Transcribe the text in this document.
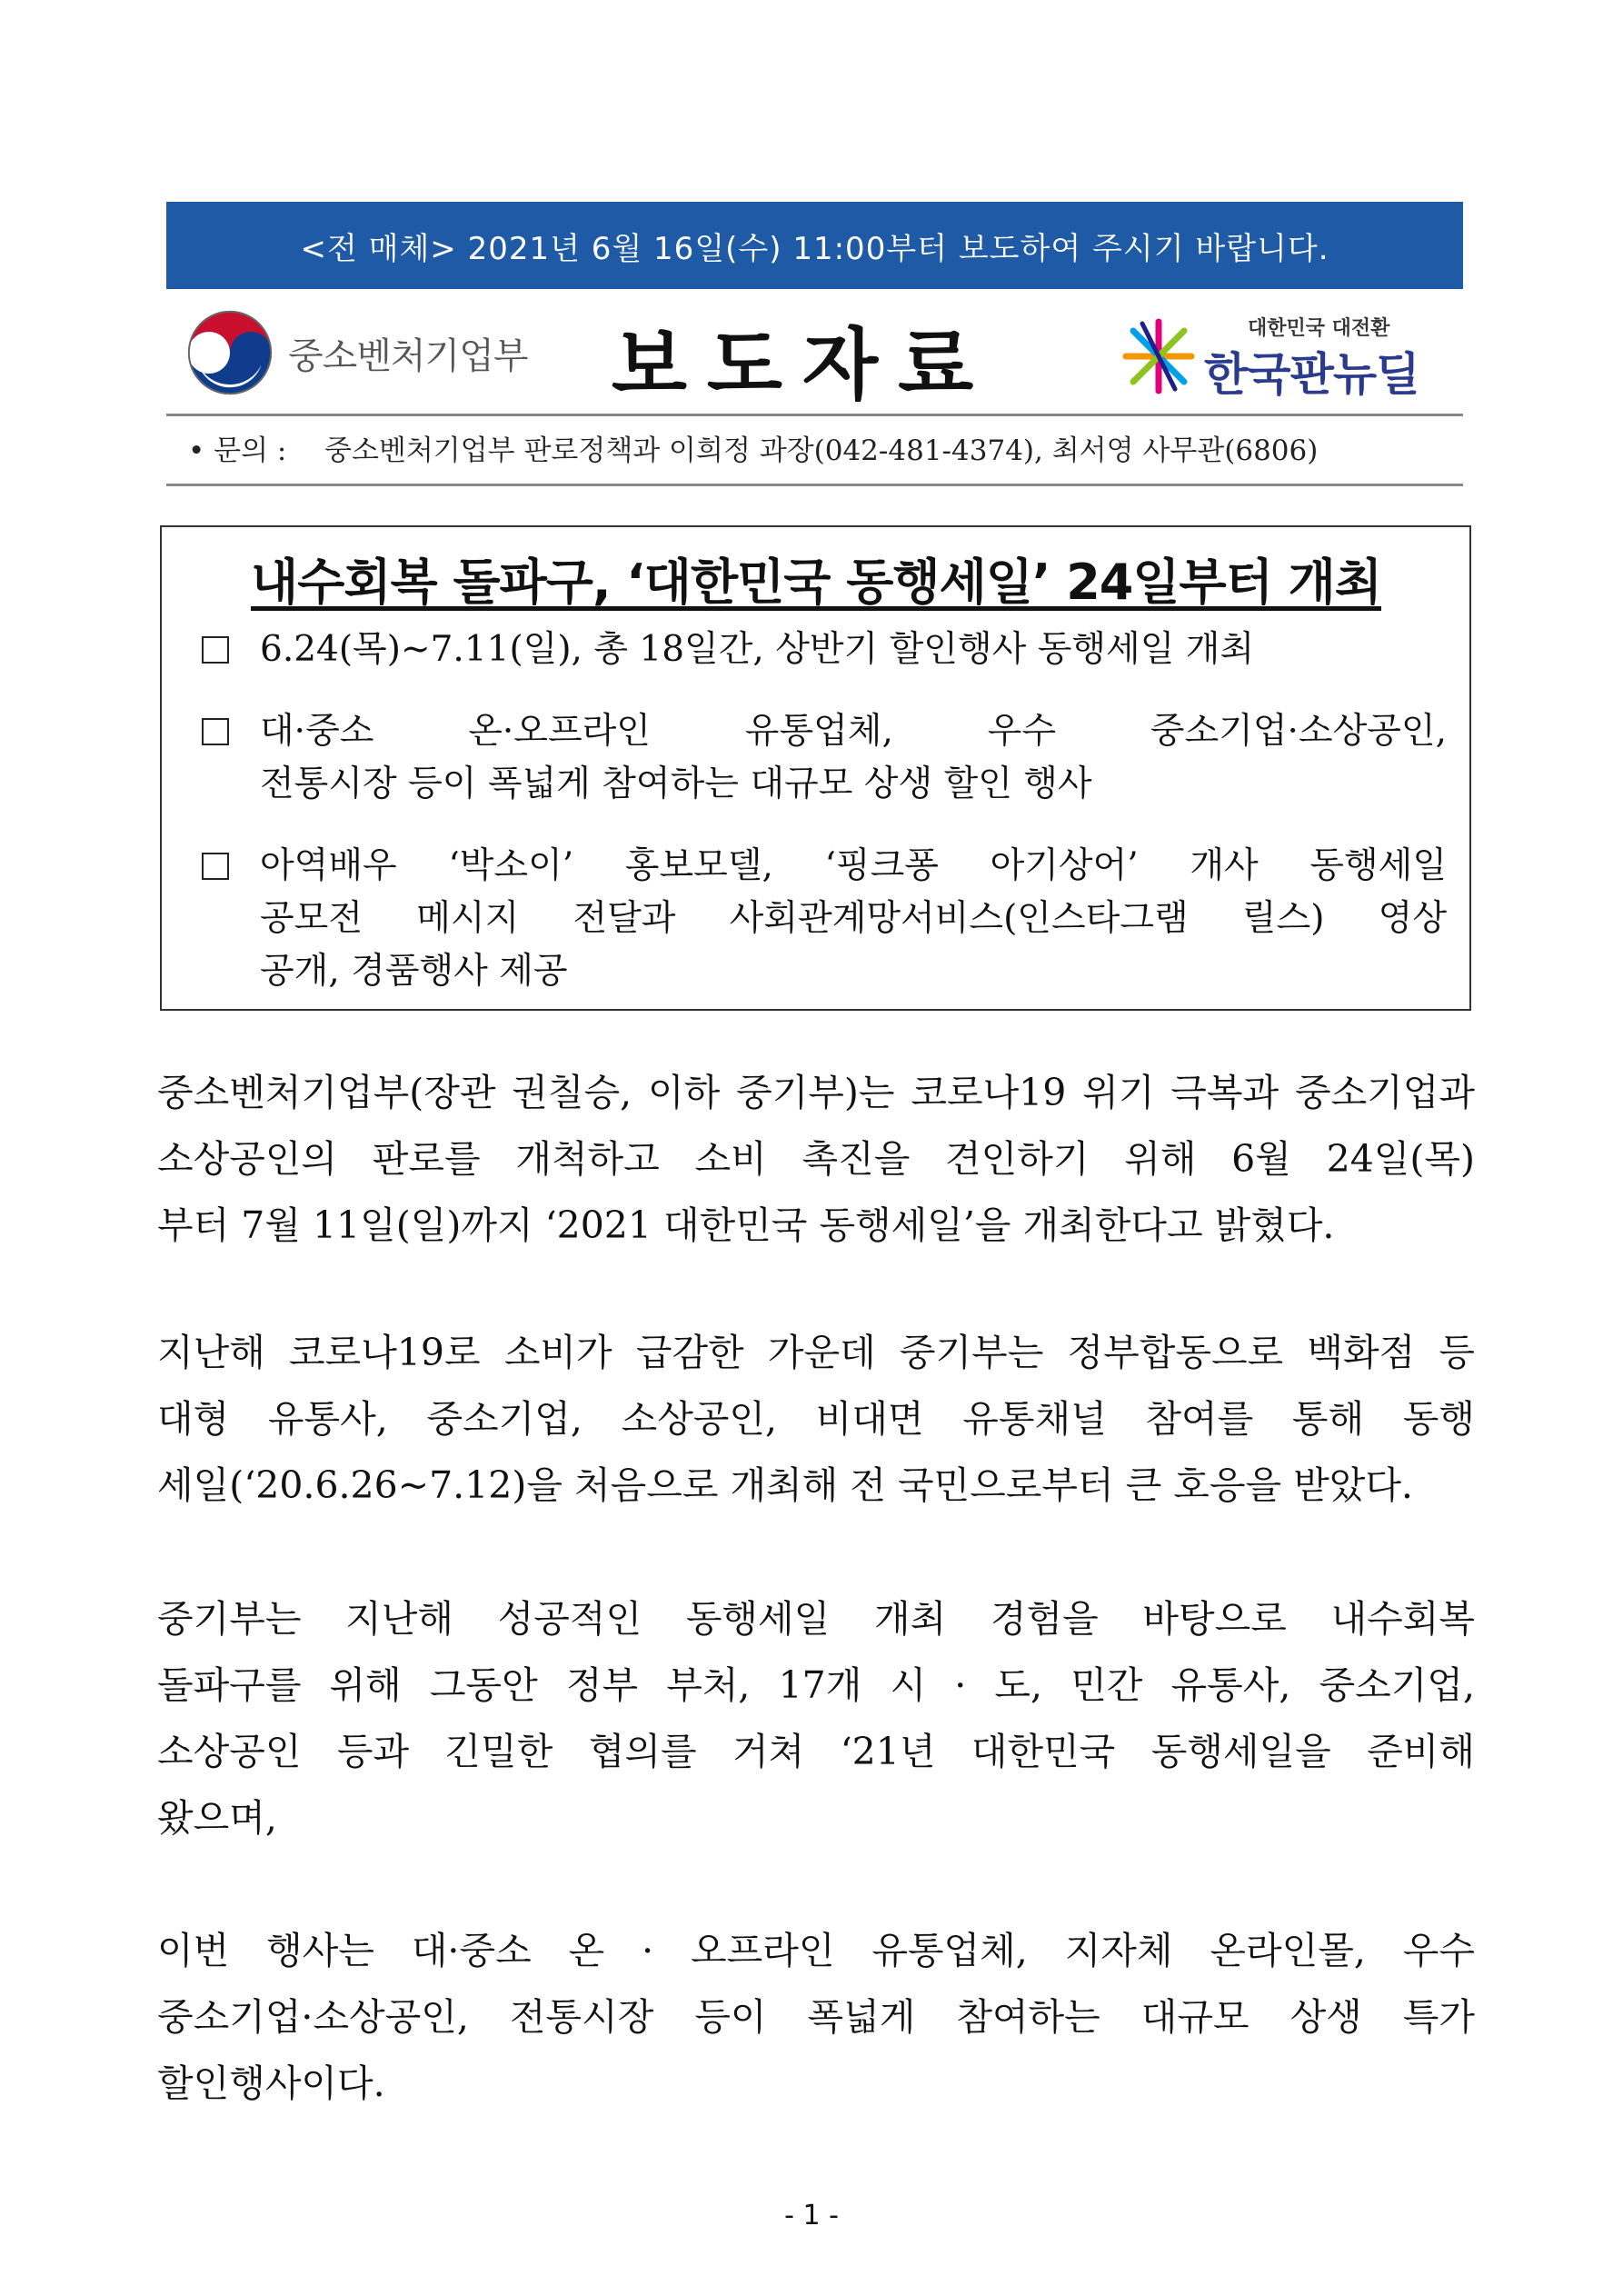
<전 매체> 2021년 6월 16일(수) 11:00부터 보도하여 주시기 바랍니다.
중소벤처기업부 보도자료	대한민국 대전환
한국판뉴딜
• 문의 : 중소벤처기업부 판로정책과 이희정 과장(042-481-4374), 최서영 사무관(6806)
내수회복 돌파구, ‘대한민국 동행세일’ 24일부터 개최
6.24(목)~7.11(일), 총 18일간, 상반기 할인행사 동행세일 개최
대·중소 온·오프라인 유통업체, 우수 중소기업·소상공인,
전통시장 등이 폭넓게 참여하는 대규모 상생 할인 행사
아역배우 ‘박소이’ 홍보모델, ‘핑크퐁 아기상어’ 개사 동행세일
공모전 메시지 전달과 사회관계망서비스(인스타그램 릴스) 영상
공개, 경품행사 제공
중소벤처기업부(장관 권칠승, 이하 중기부)는 코로나19 위기 극복과 중소기업과
소상공인의 판로를 개척하고 소비 촉진을 견인하기 위해 6월 24일(목)
부터 7월 11일(일)까지 ‘2021 대한민국 동행세일’을 개최한다고 밝혔다.
지난해 코로나19로 소비가 급감한 가운데 중기부는 정부합동으로 백화점 등
대형 유통사, 중소기업, 소상공인, 비대면 유통채널 참여를 통해 동행
세일(‘20.6.26~7.12)을 처음으로 개최해 전 국민으로부터 큰 호응을 받았다.
중기부는 지난해 성공적인 동행세일 개최 경험을 바탕으로 내수회복
돌파구를 위해 그동안 정부 부처, 17개 시 · 도, 민간 유통사, 중소기업,
소상공인 등과 긴밀한 협의를 거쳐 ‘21년 대한민국 동행세일을 준비해
왔으며,
이번 행사는 대·중소 온 · 오프라인 유통업체, 지자체 온라인몰, 우수
중소기업·소상공인, 전통시장 등이 폭넓게 참여하는 대규모 상생 특가
할인행사이다.
- 1 -
